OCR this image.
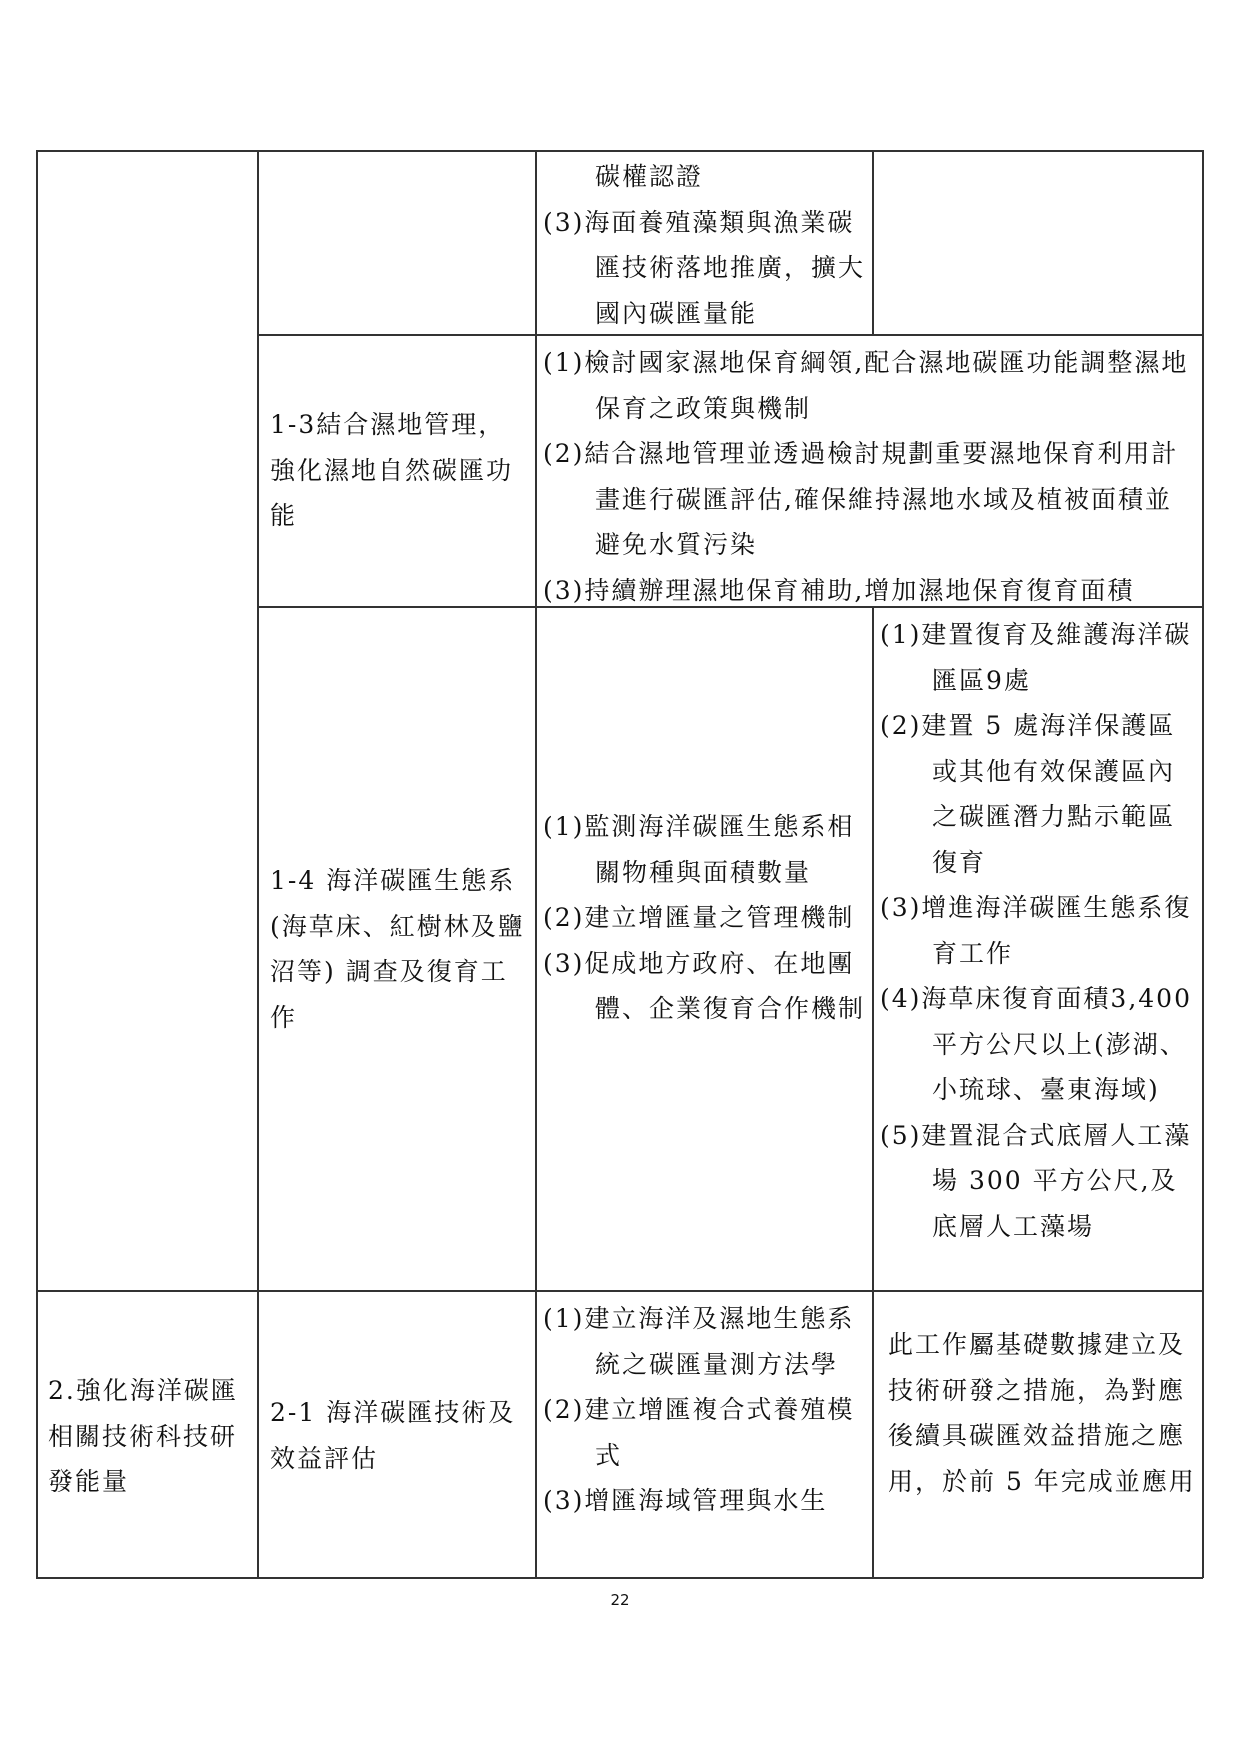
碳權認證

(3)海面養殖藻類與漁業碳匯技術落地推廣，擴大國內碳匯量能

1-3結合濕地管理，強化濕地自然碳匯功能

(1)檢討國家濕地保育綱領,配合濕地碳匯功能調整濕地保育之政策與機制

(2)結合濕地管理並透過檢討規劃重要濕地保育利用計畫進行碳匯評估,確保維持濕地水域及植被面積並避免水質污染

(3)持續辦理濕地保育補助,增加濕地保育復育面積

1-4 海洋碳匯生態系(海草床、紅樹林及鹽沼等) 調查及復育工作

(1)監測海洋碳匯生態系相關物種與面積數量

(2)建立增匯量之管理機制

(3)促成地方政府、在地團體、企業復育合作機制

(1)建置復育及維護海洋碳匯區9處

(2)建置 5 處海洋保護區或其他有效保護區內之碳匯潛力點示範區復育

(3)增進海洋碳匯生態系復育工作

(4)海草床復育面積3,400平方公尺以上(澎湖、小琉球、臺東海域)

(5)建置混合式底層人工藻場 300 平方公尺,及底層人工藻場

2.強化海洋碳匯相關技術科技研發能量

2-1 海洋碳匯技術及效益評估

(1)建立海洋及濕地生態系統之碳匯量測方法學

(2)建立增匯複合式養殖模式

(3)增匯海域管理與水生

此工作屬基礎數據建立及技術研發之措施，為對應後續具碳匯效益措施之應用，於前 5 年完成並應用

22
